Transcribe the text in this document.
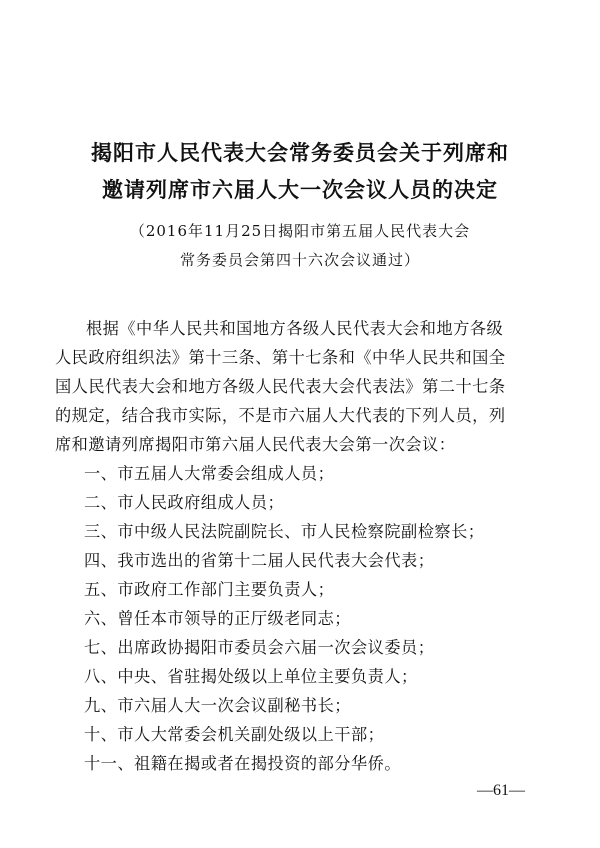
揭阳市人民代表大会常务委员会关于列席和
邀请列席市六届人大一次会议人员的决定
（2016年11月25日揭阳市第五届人民代表大会
常务委员会第四十六次会议通过）
根据《中华人民共和国地方各级人民代表大会和地方各级
人民政府组织法》第十三条、第十七条和《中华人民共和国全
国人民代表大会和地方各级人民代表大会代表法》第二十七条
的规定，结合我市实际，不是市六届人大代表的下列人员，列
席和邀请列席揭阳市第六届人民代表大会第一次会议：
一、市五届人大常委会组成人员；
二、市人民政府组成人员；
三、市中级人民法院副院长、市人民检察院副检察长；
四、我市选出的省第十二届人民代表大会代表；
五、市政府工作部门主要负责人；
六、曾任本市领导的正厅级老同志；
七、出席政协揭阳市委员会六届一次会议委员；
八、中央、省驻揭处级以上单位主要负责人；
九、市六届人大一次会议副秘书长；
十、市人大常委会机关副处级以上干部；
十一、祖籍在揭或者在揭投资的部分华侨。
—61—
